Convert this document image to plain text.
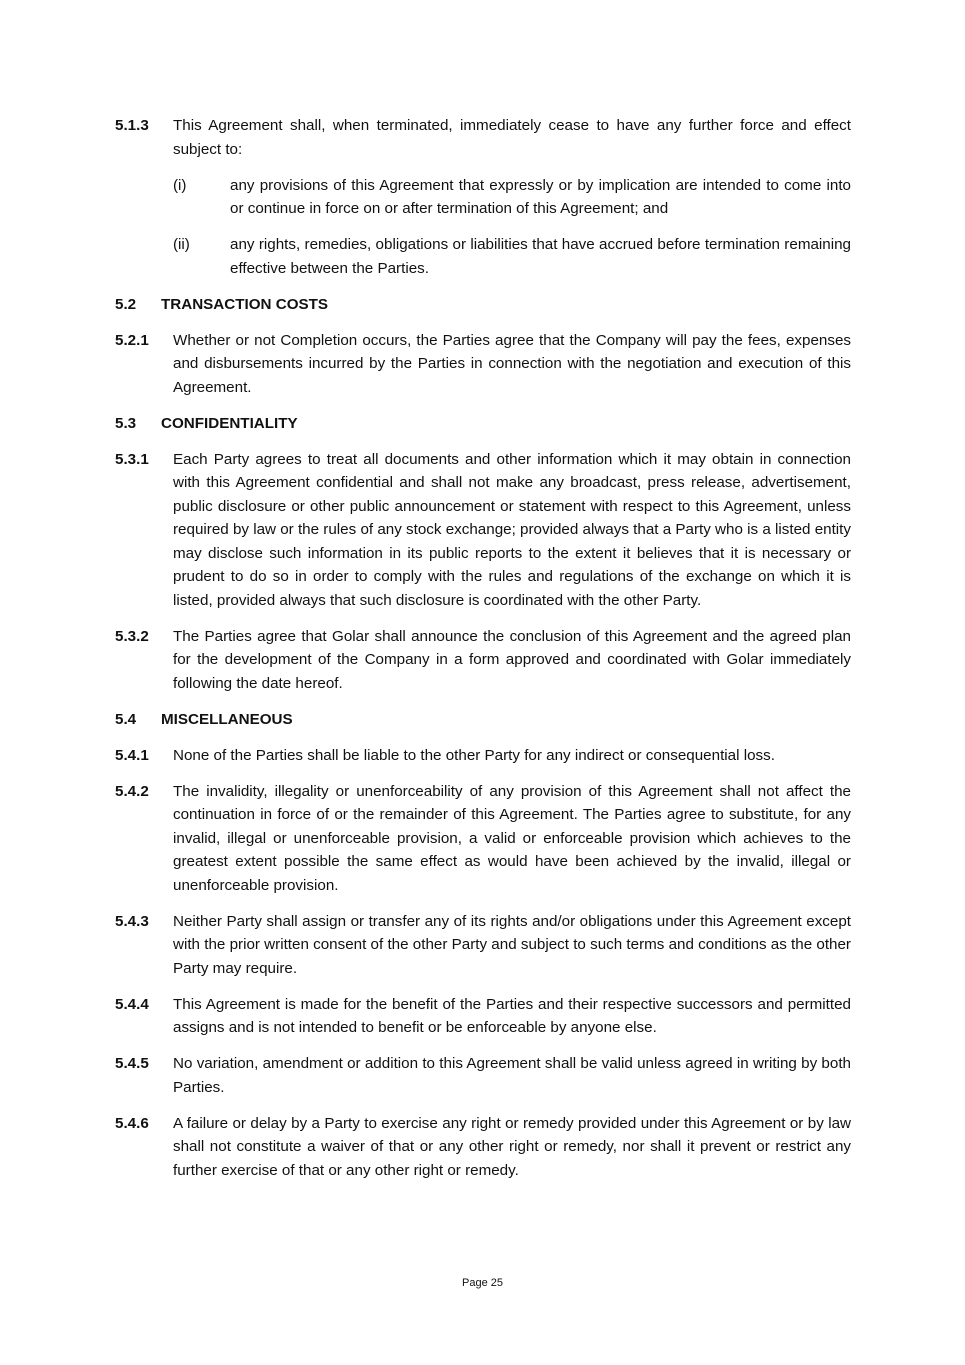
5.1.3	This Agreement shall, when terminated, immediately cease to have any further force and effect subject to:
(i)	any provisions of this Agreement that expressly or by implication are intended to come into or continue in force on or after termination of this Agreement; and
(ii)	any rights, remedies, obligations or liabilities that have accrued before termination remaining effective between the Parties.
5.2	TRANSACTION COSTS
5.2.1	Whether or not Completion occurs, the Parties agree that the Company will pay the fees, expenses and disbursements incurred by the Parties in connection with the negotiation and execution of this Agreement.
5.3	CONFIDENTIALITY
5.3.1	Each Party agrees to treat all documents and other information which it may obtain in connection with this Agreement confidential and shall not make any broadcast, press release, advertisement, public disclosure or other public announcement or statement with respect to this Agreement, unless required by law or the rules of any stock exchange; provided always that a Party who is a listed entity may disclose such information in its public reports to the extent it believes that it is necessary or prudent to do so in order to comply with the rules and regulations of the exchange on which it is listed, provided always that such disclosure is coordinated with the other Party.
5.3.2	The Parties agree that Golar shall announce the conclusion of this Agreement and the agreed plan for the development of the Company in a form approved and coordinated with Golar immediately following the date hereof.
5.4	MISCELLANEOUS
5.4.1	None of the Parties shall be liable to the other Party for any indirect or consequential loss.
5.4.2	The invalidity, illegality or unenforceability of any provision of this Agreement shall not affect the continuation in force of or the remainder of this Agreement. The Parties agree to substitute, for any invalid, illegal or unenforceable provision, a valid or enforceable provision which achieves to the greatest extent possible the same effect as would have been achieved by the invalid, illegal or unenforceable provision.
5.4.3	Neither Party shall assign or transfer any of its rights and/or obligations under this Agreement except with the prior written consent of the other Party and subject to such terms and conditions as the other Party may require.
5.4.4	This Agreement is made for the benefit of the Parties and their respective successors and permitted assigns and is not intended to benefit or be enforceable by anyone else.
5.4.5	No variation, amendment or addition to this Agreement shall be valid unless agreed in writing by both Parties.
5.4.6	A failure or delay by a Party to exercise any right or remedy provided under this Agreement or by law shall not constitute a waiver of that or any other right or remedy, nor shall it prevent or restrict any further exercise of that or any other right or remedy.
Page 25
